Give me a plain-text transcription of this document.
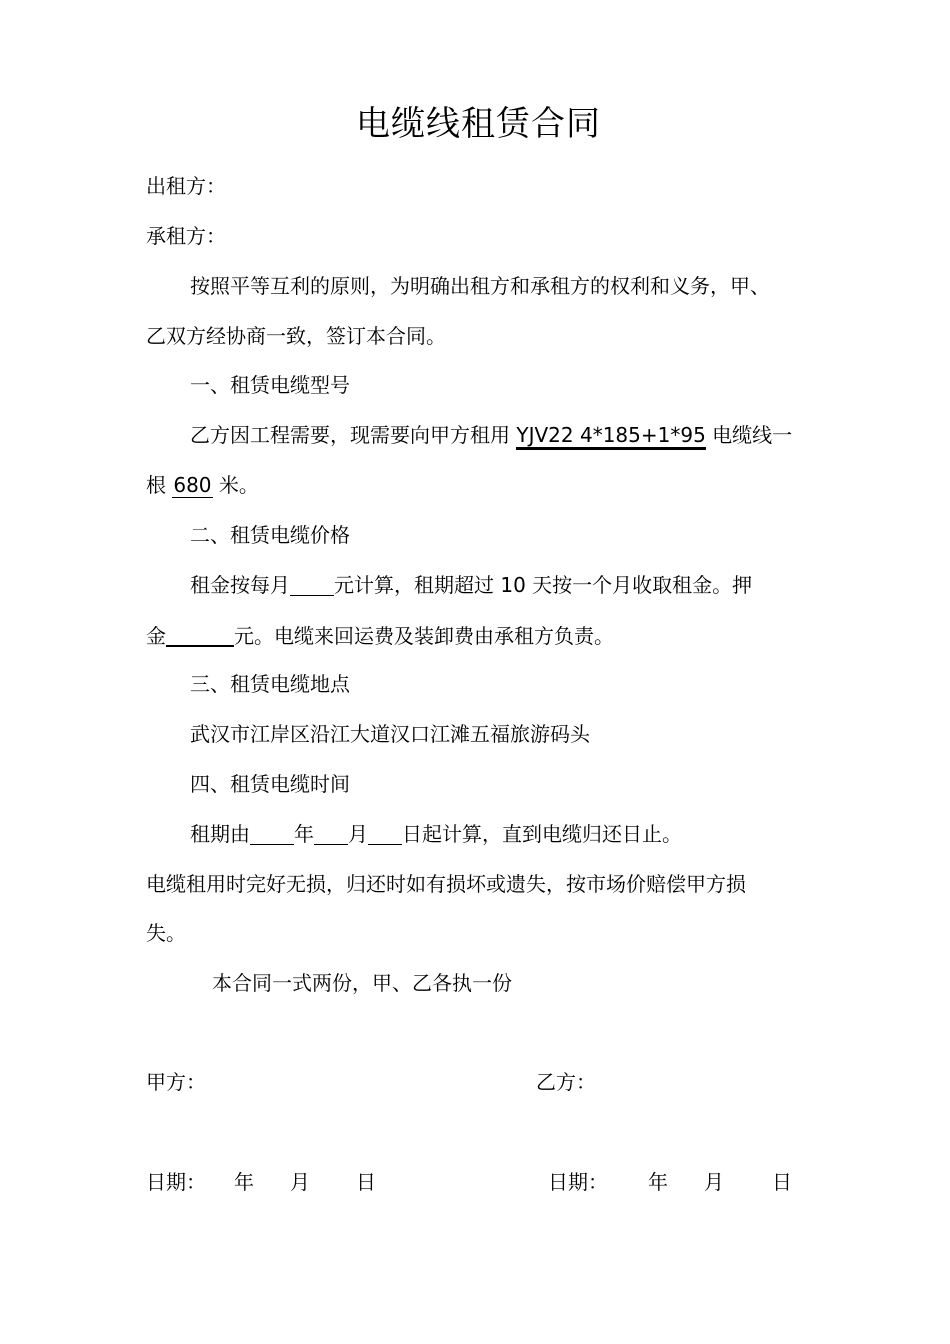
电缆线租赁合同
出租方：
承租方：
按照平等互利的原则，为明确出租方和承租方的权利和义务，甲、
乙双方经协商一致，签订本合同。
一、租赁电缆型号
乙方因工程需要，现需要向甲方租用 YJV22 4*185+1*95 电缆线一
根 680 米。
二、租赁电缆价格
租金按每月 元计算，租期超过 10 天按一个月收取租金。押
金	元。电缆来回运费及装卸费由承租方负责。
三、租赁电缆地点
武汉市江岸区沿江大道汉口江滩五福旅游码头
四、租赁电缆时间
租期由 年 月 日起计算，直到电缆归还日止。
电缆租用时完好无损，归还时如有损坏或遗失，按市场价赔偿甲方损
失。
本合同一式两份，甲、乙各执一份
甲方：	乙方：
日期： 年 月 日	日期： 年 月 日
